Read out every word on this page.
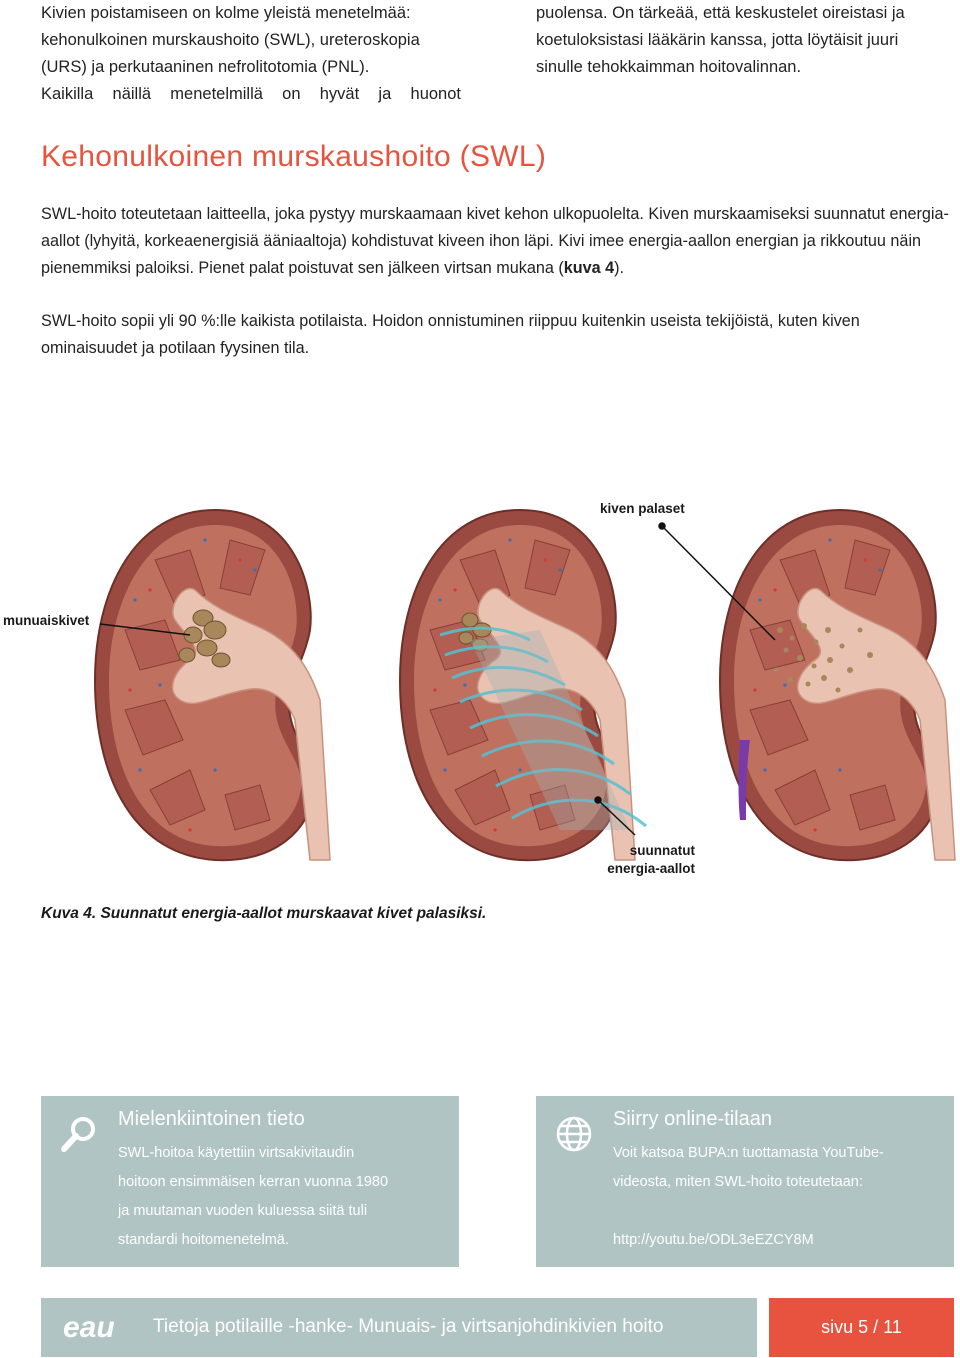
Kivien poistamiseen on kolme yleistä menetelmää:

kehonulkoinen murskaushoito (SWL), ureteroskopia

(URS) ja perkutaaninen nefrolitotomia (PNL).

Kaikilla näillä menetelmillä on hyvät ja huonot

puolensa. On tärkeää, että keskustelet oireistasi ja

koetuloksistasi lääkärin kanssa, jotta löytäisit juuri

sinulle tehokkaimman hoitovalinnan.

Kehonulkoinen murskaushoito (SWL)

SWL-hoito toteutetaan laitteella, joka pystyy murskaamaan kivet kehon ulkopuolelta. Kiven murskaamiseksi suunnatut energia-aallot (lyhyitä, korkeaenergisiä ääniaaltoja) kohdistuvat kiveen ihon läpi. Kivi imee energia-aallon energian ja rikkoutuu näin pienemmiksi paloiksi. Pienet palat poistuvat sen jälkeen virtsan mukana (kuva 4).

SWL-hoito sopii yli 90 %:lle kaikista potilaista. Hoidon onnistuminen riippuu kuitenkin useista tekijöistä, kuten kiven ominaisuudet ja potilaan fyysinen tila.

munuaiskivet
kiven palaset
suunnatut
energia-aallot

Kuva 4. Suunnatut energia-aallot murskaavat kivet palasiksi.

Mielenkiintoinen tieto
SWL-hoitoa käytettiin virtsakivitaudin
hoitoon ensimmäisen kerran vuonna 1980
ja muutaman vuoden kuluessa siitä tuli
standardi hoitomenetelmä.
Siirry online-tilaan
Voit katsoa BUPA:n tuottamasta YouTube-
videosta, miten SWL-hoito toteutetaan:

http://youtu.be/ODL3eEZCY8M
eau Tietoja potilaille -hanke- Munuais- ja virtsanjohdinkivien hoito	sivu 5 / 11
